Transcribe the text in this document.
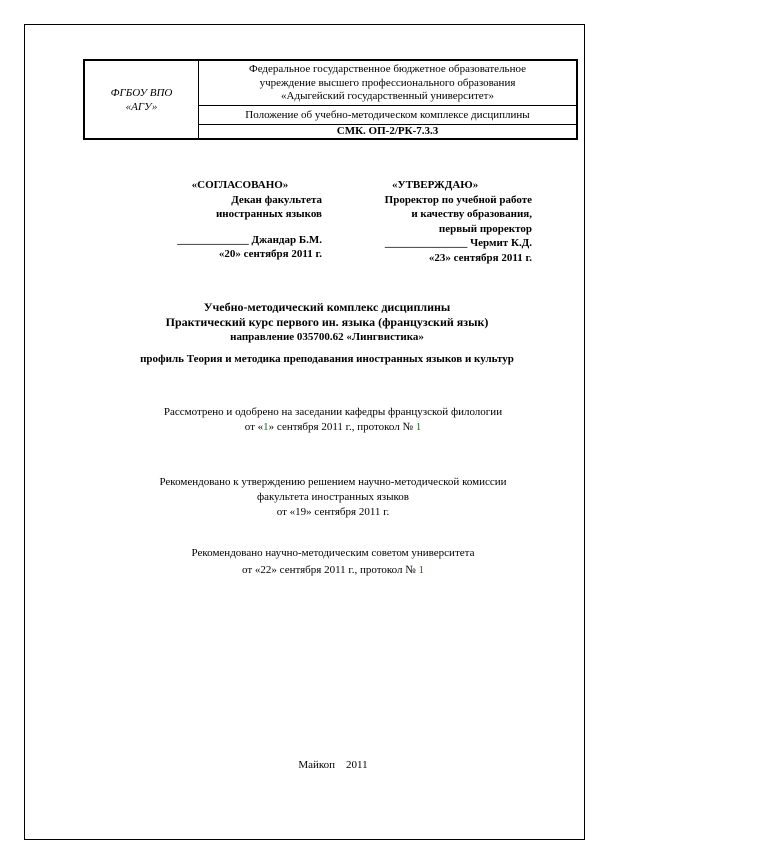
ФГБОУ ВПО
«АГУ»
Федеральное государственное бюджетное образовательное
учреждение высшего профессионального образования
«Адыгейский государственный университет»
Положение об учебно-методическом комплексе дисциплины
СМК. ОП-2/РК-7.3.3
«СОГЛАСОВАНО»
Декан факультета
иностранных языков
_____________ Джандар Б.М.
«20» сентября 2011 г.
«УТВЕРЖДАЮ»
Проректор по учебной работе
и качеству образования,
первый проректор
_______________ Чермит К.Д.
«23» сентября 2011 г.
Учебно-методический комплекс дисциплины
Практический курс первого ин. языка (французский язык)
направление 035700.62 «Лингвистика»
профиль Теория и методика преподавания иностранных языков и культур
Рассмотрено и одобрено на заседании кафедры французской филологии
от «1» сентября 2011 г., протокол № 1
Рекомендовано к утверждению решением научно-методической комиссии
факультета иностранных языков
от «19» сентября 2011 г.
Рекомендовано научно-методическим советом университета
от «22» сентября 2011 г., протокол № 1
Майкоп    2011
